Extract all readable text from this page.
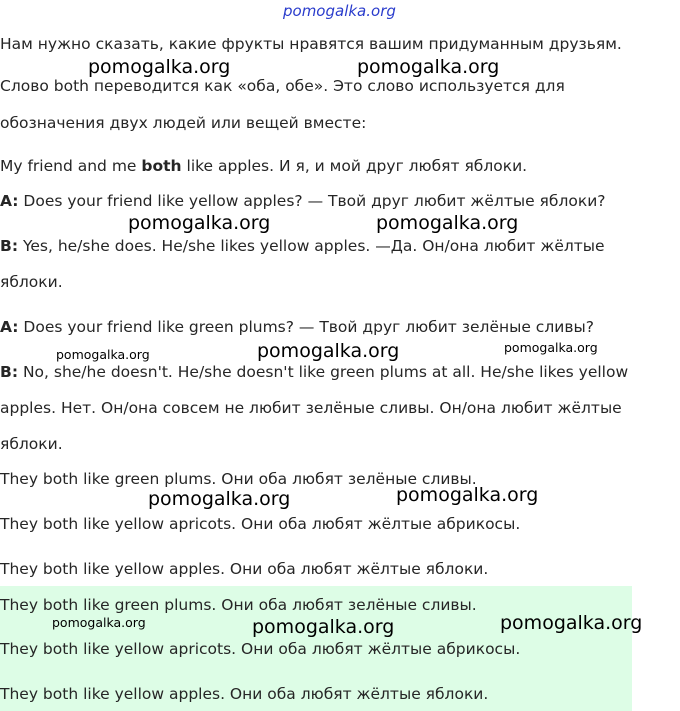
pomogalka.org
Нам нужно сказать, какие фрукты нравятся вашим придуманным друзьям.
Слово both переводится как «оба, обе». Это слово используется для
обозначения двух людей или вещей вместе:
My friend and me both like apples. И я, и мой друг любят яблоки.
A: Does your friend like yellow apples? — Твой друг любит жёлтые яблоки?
B: Yes, he/she does. He/she likes yellow apples. —Да. Он/она любит жёлтые
яблоки.
A: Does your friend like green plums? — Твой друг любит зелёные сливы?
B: No, she/he doesn't. He/she doesn't like green plums at all. He/she likes yellow
apples. Нет. Он/она совсем не любит зелёные сливы. Он/она любит жёлтые
яблоки.
They both like green plums. Они оба любят зелёные сливы.
They both like yellow apricots. Они оба любят жёлтые абрикосы.
They both like yellow apples. Они оба любят жёлтые яблоки.
They both like green plums. Они оба любят зелёные сливы.
They both like yellow apricots. Они оба любят жёлтые абрикосы.
They both like yellow apples. Они оба любят жёлтые яблоки.
pomogalka.org	pomogalka.org
pomogalka.org	pomogalka.org
pomogalka.org	pomogalka.org	pomogalka.org
pomogalka.org	pomogalka.org
pomogalka.org	pomogalka.org	pomogalka.org
